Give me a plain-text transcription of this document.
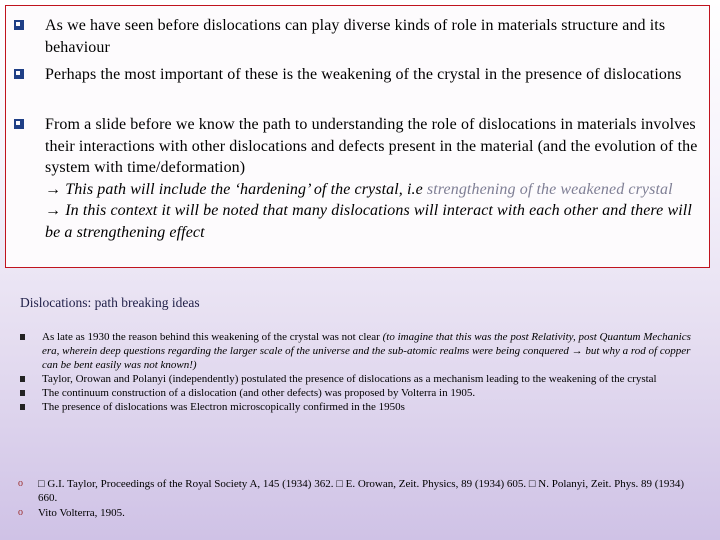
As we have seen before dislocations can play diverse kinds of role in materials structure and its behaviour
Perhaps the most important of these is the weakening of the crystal in the presence of dislocations
From a slide before we know the path to understanding the role of dislocations in materials involves their interactions with other dislocations and defects present in the material (and the evolution of the system with time/deformation)
→ This path will include the ‘hardening’ of the crystal, i.e strengthening of the weakened crystal
→ In this context it will be noted that many dislocations will interact with each other and there will be a strengthening effect
Dislocations: path breaking ideas
As late as 1930 the reason behind this weakening of the crystal was not clear (to imagine that this was the post Relativity, post Quantum Mechanics era, wherein deep questions regarding the larger scale of the universe and the sub-atomic realms were being conquered → but why a rod of copper can be bent easily was not known!)
Taylor, Orowan and Polanyi (independently) postulated the presence of dislocations as a mechanism leading to the weakening of the crystal
The continuum construction of a dislocation (and other defects) was proposed by Volterra in 1905.
The presence of dislocations was Electron microscopically confirmed in the 1950s
o □ G.I. Taylor, Proceedings of the Royal Society A, 145 (1934) 362. □ E. Orowan, Zeit. Physics, 89 (1934) 605. □ N. Polanyi, Zeit. Phys. 89 (1934) 660.
o Vito Volterra, 1905.
